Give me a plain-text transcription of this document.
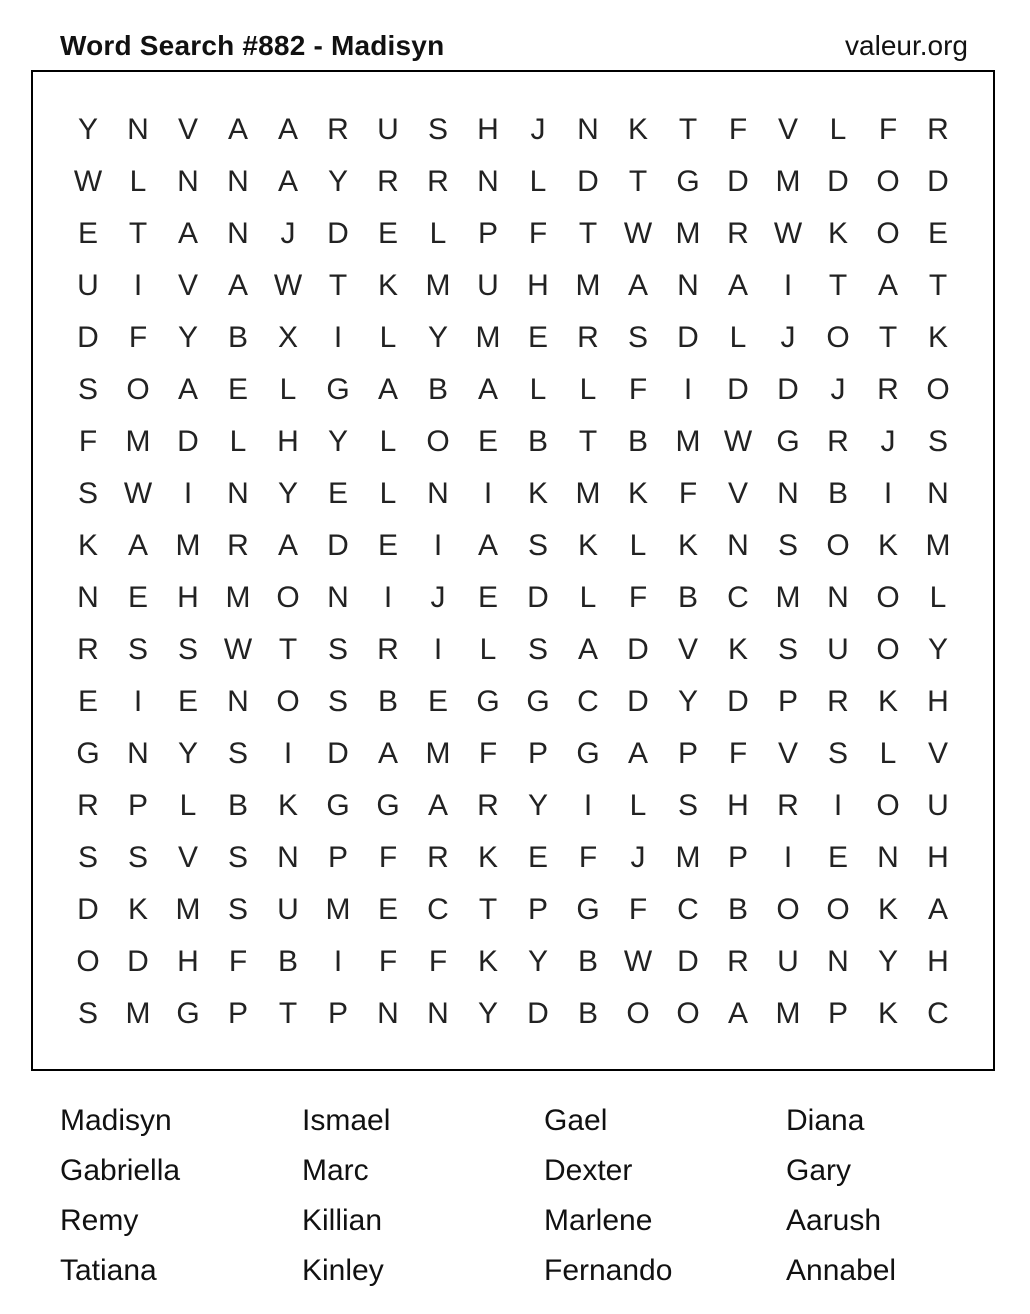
Word Search #882 - Madisyn	valeur.org
Y N V A A R U S H	J	N K	T	F	V	L	F	R
W L	N N A Y R R N	L	D	T G D M D O D
E	T	A N	J	D E	L	P	F	T W M R W K O E
U	I	V A W T	K M U H M A N A	I	T	A	T
D	F	Y B X	I	L	Y M E R S D	L	J	O T	K
S O A E	L G A B A	L	L	F	I	D D	J	R O
F M D	L	H Y	L O E B	T	B M W G R	J	S
S W	I	N Y E	L	N	I	K M K	F	V N B	I	N
K A M R A D E	I	A S K	L	K N S O K M
N E H M O N	I	J	E D	L	F	B C M N O L
R S S W T	S R	I	L	S A D V K S U O Y
E	I	E N O S B E G G C D Y D P R K H
G N Y S	I	D A M F	P G A P	F	V S	L	V
R P	L	B K G G A R Y	I	L	S H R	I	O U
S S V S N P	F	R K E	F	J	M P	I	E N H
D K M S U M E C	T	P G F	C B O O K A
O D H	F	B	I	F	F	K Y B W D R U N Y H
S M G P	T	P N N Y D B O O A M P K C
Madisyn	Ismael	Gael	Diana
Gabriella	Marc	Dexter	Gary
Remy	Killian	Marlene	Aarush
Tatiana	Kinley	Fernando	Annabel
